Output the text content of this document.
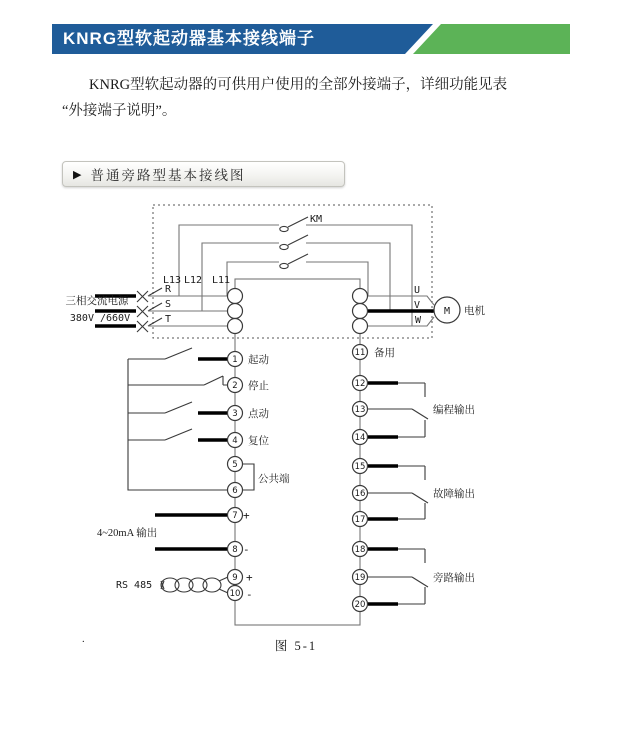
KM
L13 L12 L11
R
S
T
三相交流电源
380V /660V
U
V
W
M 电机
1
2
3
4
5
6
7
8
9
10
起动
停止
点动
复位
公共端
+
-
+
-
4~20mA 输出
RS 485
11
12
13
14
15
16
17
18
19
20
备用
编程输出
故障输出
旁路输出
图 5-1
.
KNRG型软起动器基本接线端子
KNRG型软起动器的可供用户使用的全部外接端子，详细功能见表
“外接端子说明”。
▶ 普通旁路型基本接线图
